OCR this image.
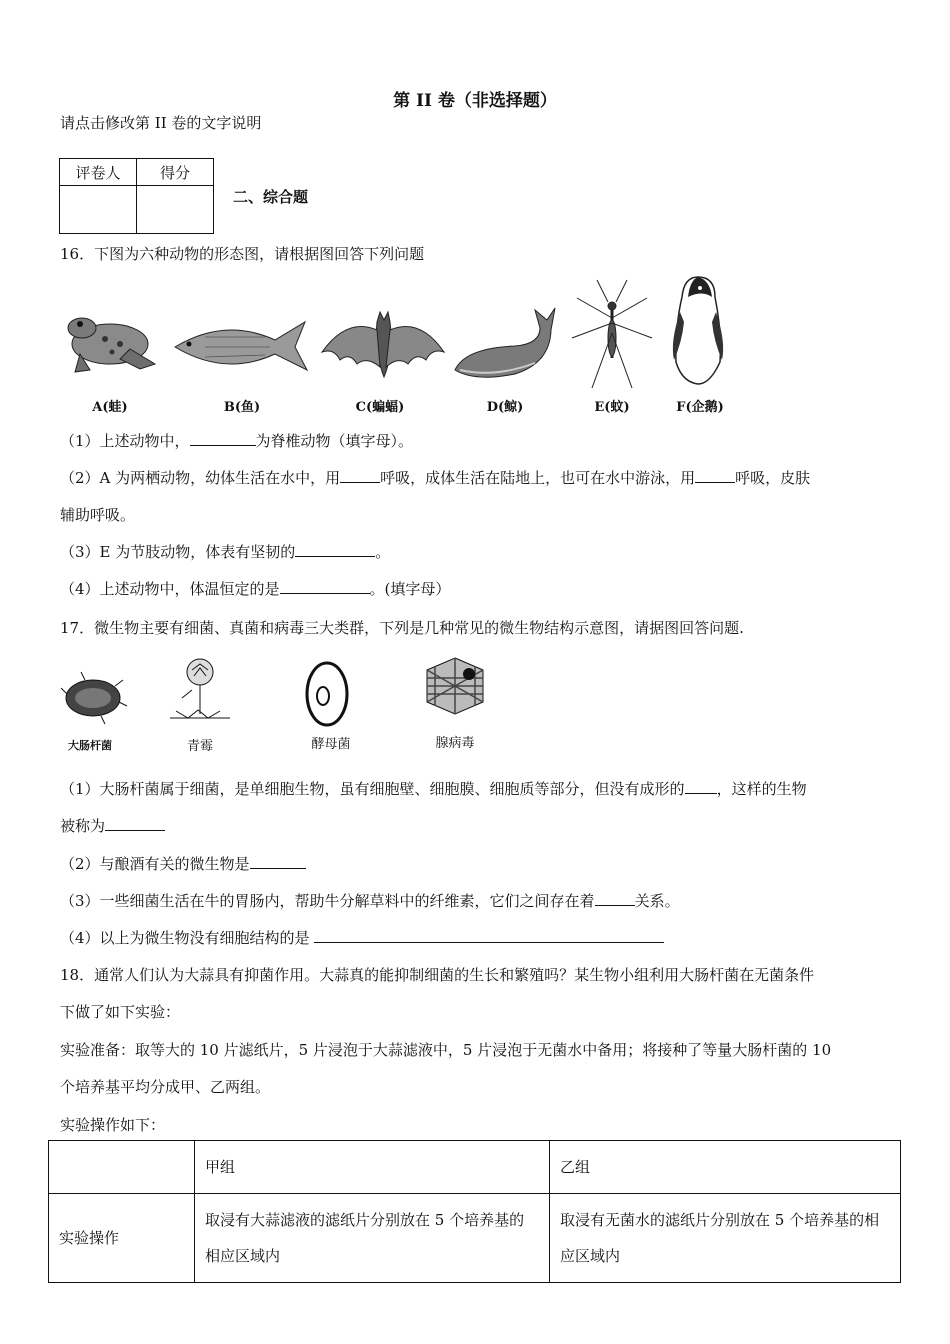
第 II 卷（非选择题）
请点击修改第 II 卷的文字说明
评卷人	得分

二、综合题
16．下图为六种动物的形态图，请根据图回答下列问题
A(蛙)	B(鱼)	C(蝙蝠)	D(鲸)	E(蚊)	F(企鹅)
（1）上述动物中，	为脊椎动物（填字母）。
（2）A 为两栖动物，幼体生活在水中，用	呼吸，成体生活在陆地上，也可在水中游泳，用	呼吸，皮肤
辅助呼吸。
（3）E 为节肢动物，体表有坚韧的	。
（4）上述动物中，体温恒定的是	。(填字母）
17．微生物主要有细菌、真菌和病毒三大类群，下列是几种常见的微生物结构示意图，请据图回答问题.
大肠杆菌	青霉	酵母菌	腺病毒
（1）大肠杆菌属于细菌，是单细胞生物，虽有细胞壁、细胞膜、细胞质等部分，但没有成形的 ，这样的生物
被称为
（2）与酿酒有关的微生物是
（3）一些细菌生活在牛的胃肠内，帮助牛分解草料中的纤维素，它们之间存在着	关系。
（4）以上为微生物没有细胞结构的是
18．通常人们认为大蒜具有抑菌作用。大蒜真的能抑制细菌的生长和繁殖吗？某生物小组利用大肠杆菌在无菌条件
下做了如下实验：
实验准备：取等大的 10 片滤纸片，5 片浸泡于大蒜滤液中，5 片浸泡于无菌水中备用；将接种了等量大肠杆菌的 10
个培养基平均分成甲、乙两组。
实验操作如下：
	甲组	乙组
实验操作	取浸有大蒜滤液的滤纸片分别放在 5 个培养基的相应区域内	取浸有无菌水的滤纸片分别放在 5 个培养基的相应区域内
